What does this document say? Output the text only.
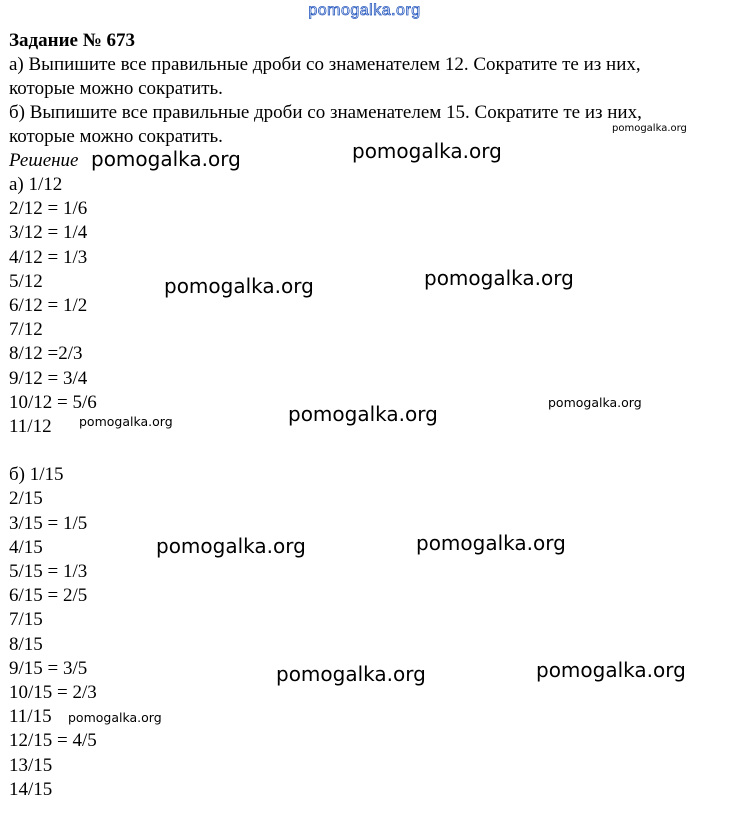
pomogalka.org
Задание № 673
а) Выпишите все правильные дроби со знаменателем 12. Сократите те из них,
которые можно сократить.
б) Выпишите все правильные дроби со знаменателем 15. Сократите те из них,
которые можно сократить.
Решение
а) 1/12
2/12 = 1/6
3/12 = 1/4
4/12 = 1/3
5/12
6/12 = 1/2
7/12
8/12 =2/3
9/12 = 3/4
10/12 = 5/6
11/12
б) 1/15
2/15
3/15 = 1/5
4/15
5/15 = 1/3
6/15 = 2/5
7/15
8/15
9/15 = 3/5
10/15 = 2/3
11/15
12/15 = 4/5
13/15
14/15
pomogalka.org
pomogalka.org	pomogalka.org
pomogalka.org
pomogalka.org
pomogalka.org
pomogalka.org
pomogalka.org
pomogalka.org
pomogalka.org
pomogalka.org
pomogalka.org
pomogalka.org
